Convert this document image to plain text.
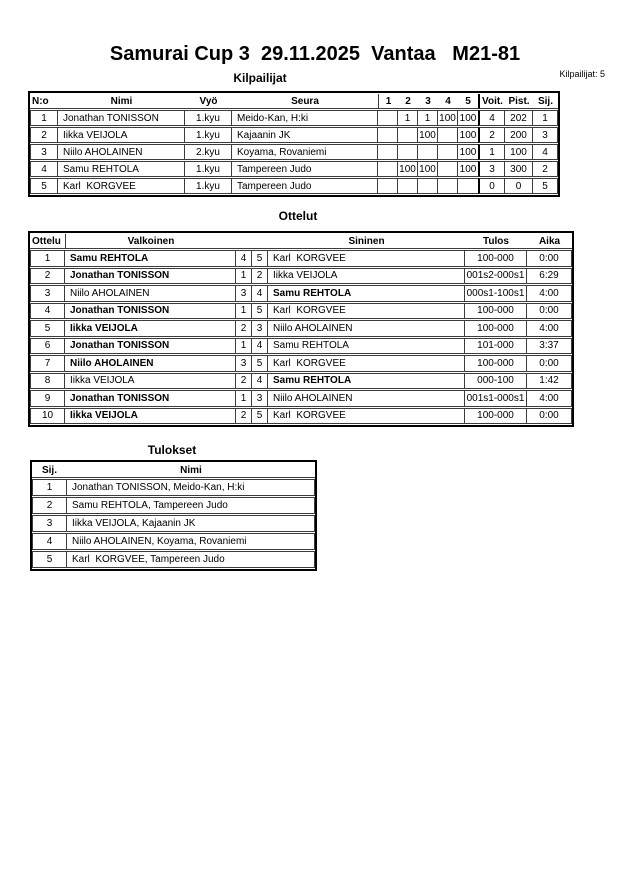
Samurai Cup 3  29.11.2025  Vantaa   M21-81
Kilpailijat	Kilpailijat: 5
N:o	Nimi	Vyö	Seura	1	2	3	4	5	Voit.	Pist.	Sij.
1	Jonathan TONISSON	1.kyu	Meido-Kan, H:ki		1	1	100	100	4	202	1
2	Iikka VEIJOLA	1.kyu	Kajaanin JK			100		100	2	200	3
3	Niilo AHOLAINEN	2.kyu	Koyama, Rovaniemi					100	1	100	4
4	Samu REHTOLA	1.kyu	Tampereen Judo		100	100		100	3	300	2
5	Karl  KORGVEE	1.kyu	Tampereen Judo						0	0	5
Ottelut
Ottelu	Valkoinen			Sininen	Tulos	Aika
1	Samu REHTOLA	4	5	Karl  KORGVEE	100-000	0:00
2	Jonathan TONISSON	1	2	Iikka VEIJOLA	001s2-000s1	6:29
3	Niilo AHOLAINEN	3	4	Samu REHTOLA	000s1-100s1	4:00
4	Jonathan TONISSON	1	5	Karl  KORGVEE	100-000	0:00
5	Iikka VEIJOLA	2	3	Niilo AHOLAINEN	100-000	4:00
6	Jonathan TONISSON	1	4	Samu REHTOLA	101-000	3:37
7	Niilo AHOLAINEN	3	5	Karl  KORGVEE	100-000	0:00
8	Iikka VEIJOLA	2	4	Samu REHTOLA	000-100	1:42
9	Jonathan TONISSON	1	3	Niilo AHOLAINEN	001s1-000s1	4:00
10	Iikka VEIJOLA	2	5	Karl  KORGVEE	100-000	0:00
Tulokset
Sij.	Nimi
1	Jonathan TONISSON, Meido-Kan, H:ki
2	Samu REHTOLA, Tampereen Judo
3	Iikka VEIJOLA, Kajaanin JK
4	Niilo AHOLAINEN, Koyama, Rovaniemi
5	Karl  KORGVEE, Tampereen Judo
